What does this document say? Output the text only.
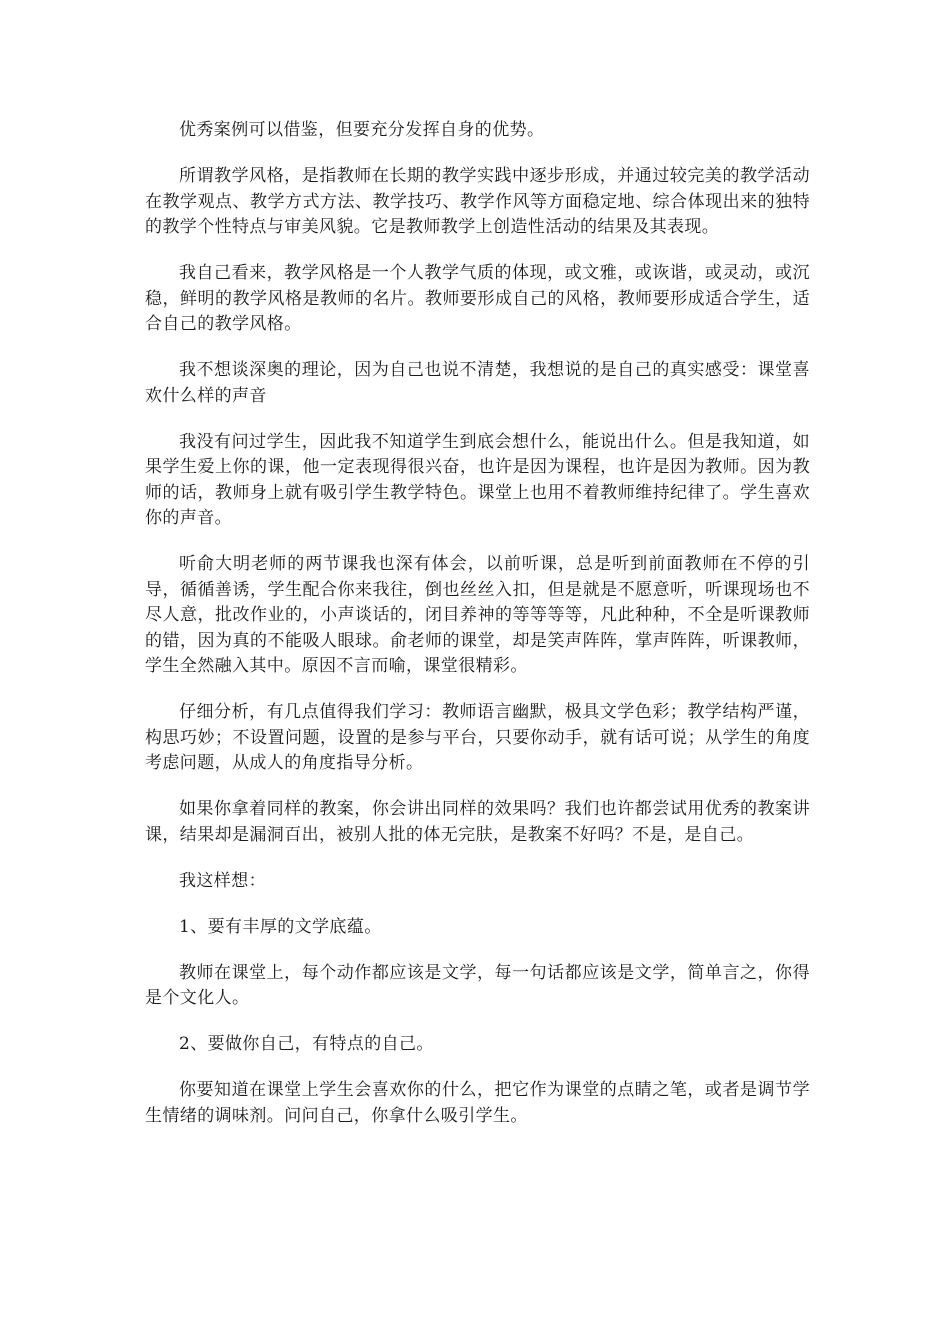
优秀案例可以借鉴，但要充分发挥自身的优势。

所谓教学风格，是指教师在长期的教学实践中逐步形成，并通过较完美的教学活动在教学观点、教学方式方法、教学技巧、教学作风等方面稳定地、综合体现出来的独特的教学个性特点与审美风貌。它是教师教学上创造性活动的结果及其表现。

我自己看来，教学风格是一个人教学气质的体现，或文雅，或诙谐，或灵动，或沉稳，鲜明的教学风格是教师的名片。教师要形成自己的风格，教师要形成适合学生，适合自己的教学风格。

我不想谈深奥的理论，因为自己也说不清楚，我想说的是自己的真实感受：课堂喜欢什么样的声音

我没有问过学生，因此我不知道学生到底会想什么，能说出什么。但是我知道，如果学生爱上你的课，他一定表现得很兴奋，也许是因为课程，也许是因为教师。因为教师的话，教师身上就有吸引学生教学特色。课堂上也用不着教师维持纪律了。学生喜欢你的声音。

听俞大明老师的两节课我也深有体会，以前听课，总是听到前面教师在不停的引导，循循善诱，学生配合你来我往，倒也丝丝入扣，但是就是不愿意听，听课现场也不尽人意，批改作业的，小声谈话的，闭目养神的等等等等，凡此种种，不全是听课教师的错，因为真的不能吸人眼球。俞老师的课堂，却是笑声阵阵，掌声阵阵，听课教师，学生全然融入其中。原因不言而喻，课堂很精彩。

仔细分析，有几点值得我们学习：教师语言幽默，极具文学色彩；教学结构严谨，构思巧妙；不设置问题，设置的是参与平台，只要你动手，就有话可说；从学生的角度考虑问题，从成人的角度指导分析。

如果你拿着同样的教案，你会讲出同样的效果吗？我们也许都尝试用优秀的教案讲课，结果却是漏洞百出，被别人批的体无完肤，是教案不好吗？不是，是自己。

我这样想：

1、要有丰厚的文学底蕴。

教师在课堂上，每个动作都应该是文学，每一句话都应该是文学，简单言之，你得是个文化人。

2、要做你自己，有特点的自己。

你要知道在课堂上学生会喜欢你的什么，把它作为课堂的点睛之笔，或者是调节学生情绪的调味剂。问问自己，你拿什么吸引学生。
